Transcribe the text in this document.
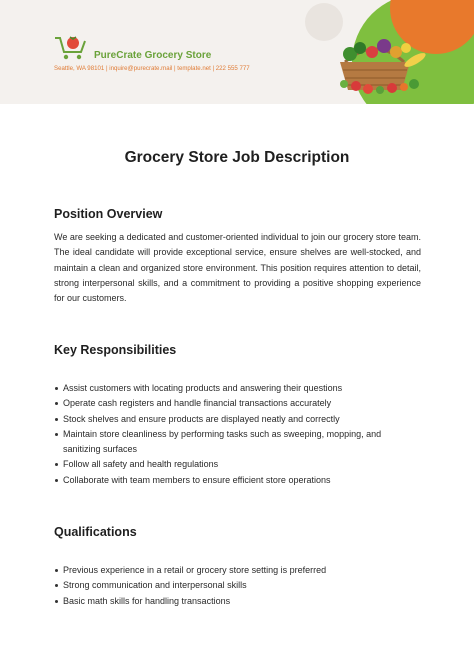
PureCrate Grocery Store
Seattle, WA 98101 | inquire@purecrate.mail | template.net | 222 555 777
Grocery Store Job Description
Position Overview

We are seeking a dedicated and customer-oriented individual to join our grocery store team. The ideal candidate will provide exceptional service, ensure shelves are well-stocked, and maintain a clean and organized store environment. This position requires attention to detail, strong interpersonal skills, and a commitment to providing a positive shopping experience for our customers.

Key Responsibilities
Assist customers with locating products and answering their questions
Operate cash registers and handle financial transactions accurately
Stock shelves and ensure products are displayed neatly and correctly
Maintain store cleanliness by performing tasks such as sweeping, mopping, and sanitizing surfaces
Follow all safety and health regulations
Collaborate with team members to ensure efficient store operations
Qualifications
Previous experience in a retail or grocery store setting is preferred
Strong communication and interpersonal skills
Basic math skills for handling transactions
